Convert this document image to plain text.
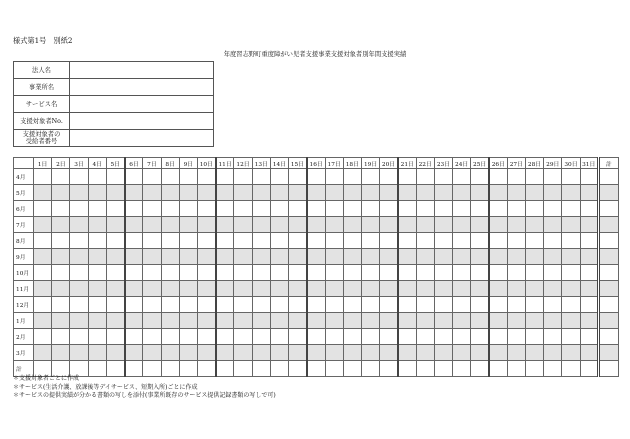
様式第1号　別紙2
年度習志野町重度障がい児者支援事業支援対象者別年間支援実績
法人名	
事業所名	
サービス名	
支援対象者No.	
支援対象者の
受給者番号	
	1日	2日	3日	4日	5日	6日	7日	8日	9日	10日	11日	12日	13日	14日	15日	16日	17日	18日	19日	20日	21日	22日	23日	24日	25日	26日	27日	28日	29日	30日	31日	計
4月																																
5月																																
6月																																
7月																																
8月																																
9月																																
10月																																
11月																																
12月																																
1月																																
2月																																
3月																																
計																																
＊支援対象者ごとに作成
＊サービス(生活介護、放課後等デイサービス、短期入所)ごとに作成
＊サービスの提供実績が分かる書類の写しを添付(事業所既存のサービス提供記録書類の写しで可)
